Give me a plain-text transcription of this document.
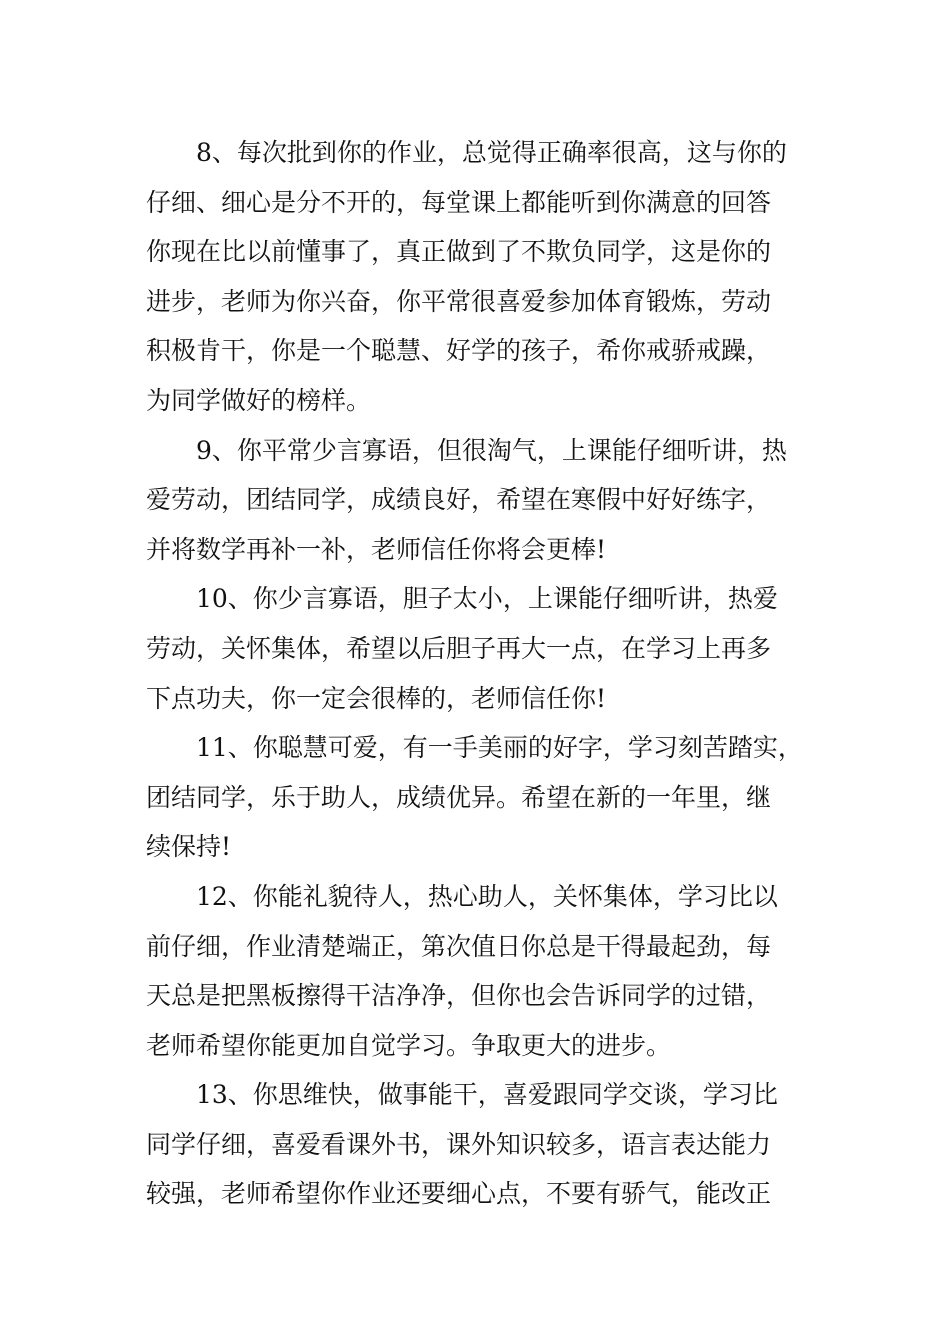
8、每次批到你的作业，总觉得正确率很高，这与你的
仔细、细心是分不开的，每堂课上都能听到你满意的回答
你现在比以前懂事了，真正做到了不欺负同学，这是你的
进步，老师为你兴奋，你平常很喜爱参加体育锻炼，劳动
积极肯干，你是一个聪慧、好学的孩子，希你戒骄戒躁，
为同学做好的榜样。
9、你平常少言寡语，但很淘气，上课能仔细听讲，热
爱劳动，团结同学，成绩良好，希望在寒假中好好练字，
并将数学再补一补，老师信任你将会更棒!
10、你少言寡语，胆子太小，上课能仔细听讲，热爱
劳动，关怀集体，希望以后胆子再大一点，在学习上再多
下点功夫，你一定会很棒的，老师信任你!
11、你聪慧可爱，有一手美丽的好字，学习刻苦踏实，
团结同学，乐于助人，成绩优异。希望在新的一年里，继
续保持!
12、你能礼貌待人，热心助人，关怀集体，学习比以
前仔细，作业清楚端正，第次值日你总是干得最起劲，每
天总是把黑板擦得干洁净净，但你也会告诉同学的过错，
老师希望你能更加自觉学习。争取更大的进步。
13、你思维快，做事能干，喜爱跟同学交谈，学习比
同学仔细，喜爱看课外书，课外知识较多，语言表达能力
较强，老师希望你作业还要细心点，不要有骄气，能改正
